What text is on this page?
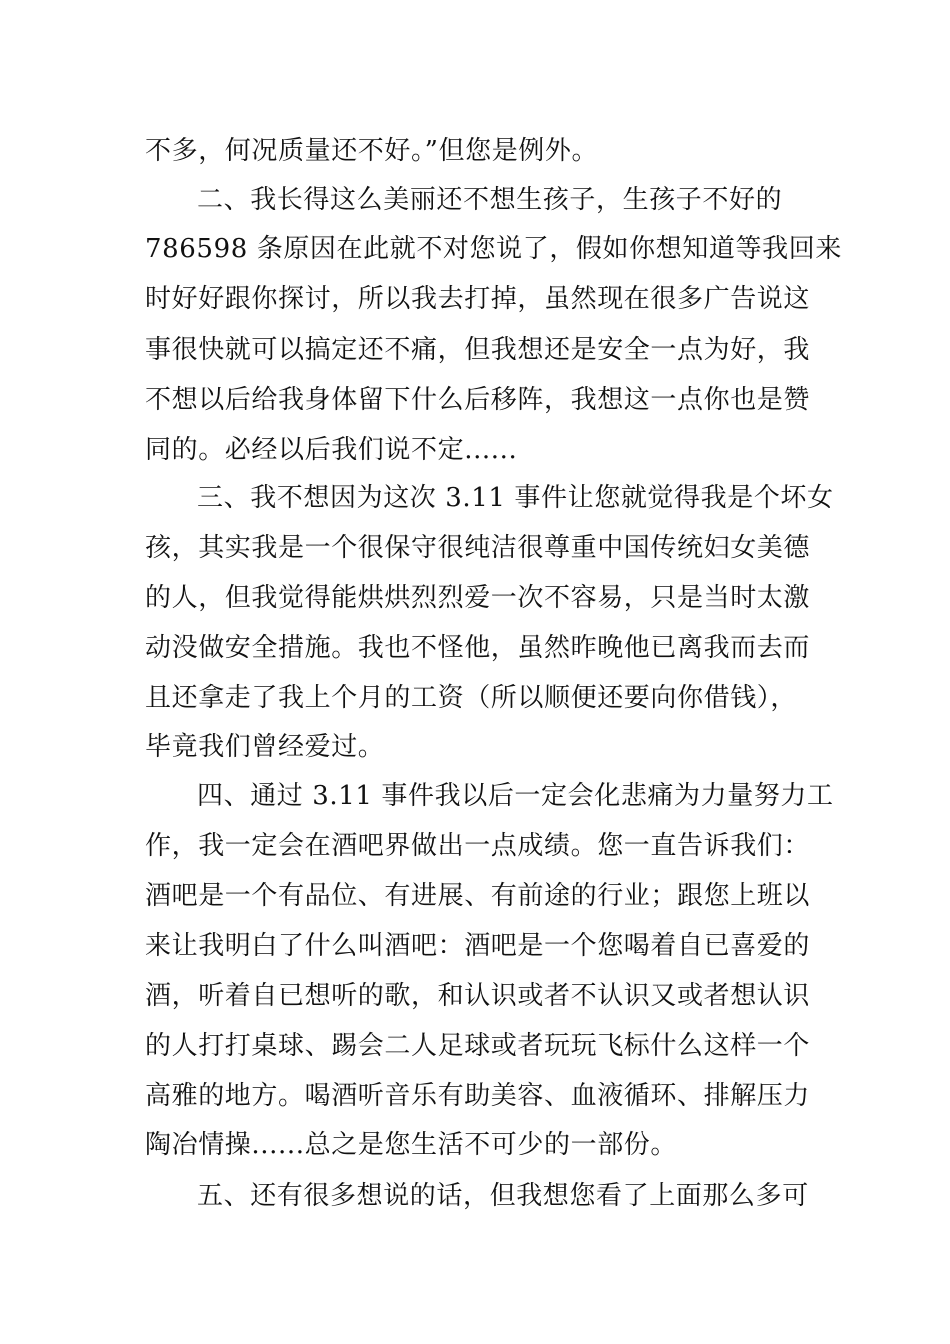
不多，何况质量还不好。”但您是例外。
二、我长得这么美丽还不想生孩子，生孩子不好的
786598 条原因在此就不对您说了，假如你想知道等我回来
时好好跟你探讨，所以我去打掉，虽然现在很多广告说这
事很快就可以搞定还不痛，但我想还是安全一点为好，我
不想以后给我身体留下什么后移阵，我想这一点你也是赞
同的。必经以后我们说不定......
三、我不想因为这次 3.11 事件让您就觉得我是个坏女
孩，其实我是一个很保守很纯洁很尊重中国传统妇女美德
的人，但我觉得能烘烘烈烈爱一次不容易，只是当时太激
动没做安全措施。我也不怪他，虽然昨晚他已离我而去而
且还拿走了我上个月的工资（所以顺便还要向你借钱），
毕竟我们曾经爱过。
四、通过 3.11 事件我以后一定会化悲痛为力量努力工
作，我一定会在酒吧界做出一点成绩。您一直告诉我们：
酒吧是一个有品位、有进展、有前途的行业；跟您上班以
来让我明白了什么叫酒吧：酒吧是一个您喝着自已喜爱的
酒，听着自已想听的歌，和认识或者不认识又或者想认识
的人打打桌球、踢会二人足球或者玩玩飞标什么这样一个
高雅的地方。喝酒听音乐有助美容、血液循环、排解压力
陶冶情操......总之是您生活不可少的一部份。
五、还有很多想说的话，但我想您看了上面那么多可
